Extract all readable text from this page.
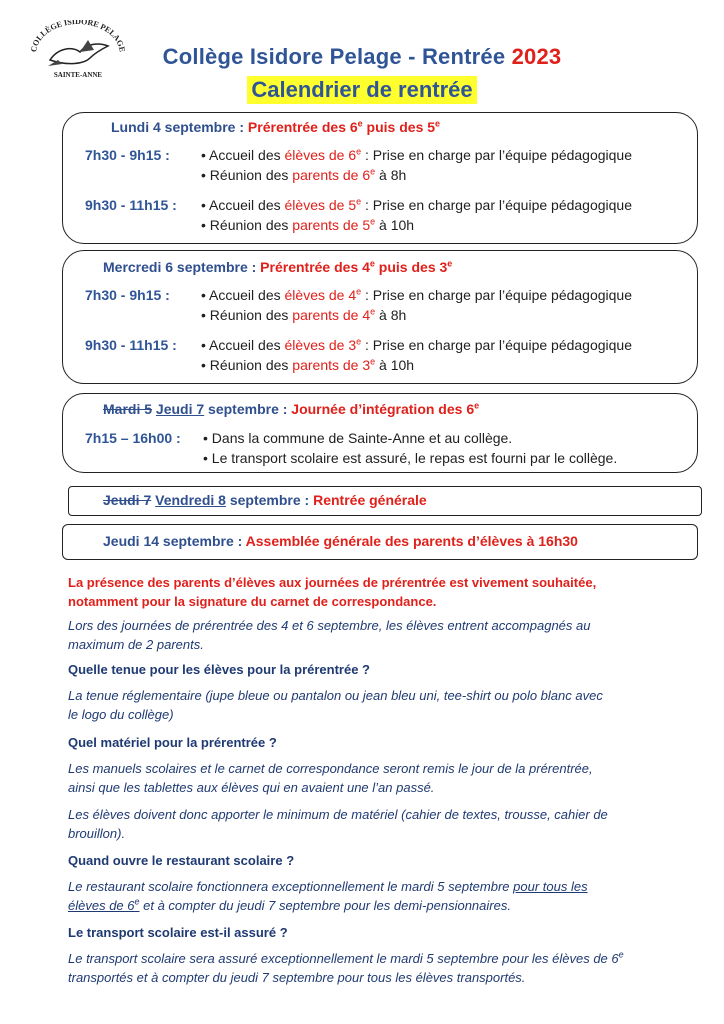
COLLÈGE ISIDORE PELAGE
SAINTE-ANNE
Collège Isidore Pelage - Rentrée 2023
Calendrier de rentrée
Lundi 4 septembre : Prérentrée des 6e puis des 5e
7h30 - 9h15 : • Accueil des élèves de 6e : Prise en charge par l’équipe pédagogique
• Réunion des parents de 6e à 8h
9h30 - 11h15 : • Accueil des élèves de 5e : Prise en charge par l’équipe pédagogique
• Réunion des parents de 5e à 10h
Mercredi 6 septembre : Prérentrée des 4e puis des 3e
7h30 - 9h15 : • Accueil des élèves de 4e : Prise en charge par l’équipe pédagogique
• Réunion des parents de 4e à 8h
9h30 - 11h15 : • Accueil des élèves de 3e : Prise en charge par l’équipe pédagogique
• Réunion des parents de 3e à 10h
Mardi 5 Jeudi 7 septembre : Journée d’intégration des 6e
7h15 – 16h00 : • Dans la commune de Sainte-Anne et au collège.
• Le transport scolaire est assuré, le repas est fourni par le collège.
Jeudi 7 Vendredi 8 septembre : Rentrée générale
Jeudi 14 septembre : Assemblée générale des parents d’élèves à 16h30
La présence des parents d’élèves aux journées de prérentrée est vivement souhaitée,
notamment pour la signature du carnet de correspondance.
Lors des journées de prérentrée des 4 et 6 septembre, les élèves entrent accompagnés au
maximum de 2 parents.
Quelle tenue pour les élèves pour la prérentrée ?
La tenue réglementaire (jupe bleue ou pantalon ou jean bleu uni, tee-shirt ou polo blanc avec
le logo du collège)
Quel matériel pour la prérentrée ?
Les manuels scolaires et le carnet de correspondance seront remis le jour de la prérentrée,
ainsi que les tablettes aux élèves qui en avaient une l’an passé.
Les élèves doivent donc apporter le minimum de matériel (cahier de textes, trousse, cahier de
brouillon).
Quand ouvre le restaurant scolaire ?
Le restaurant scolaire fonctionnera exceptionnellement le mardi 5 septembre pour tous les
élèves de 6e et à compter du jeudi 7 septembre pour les demi-pensionnaires.
Le transport scolaire est-il assuré ?
Le transport scolaire sera assuré exceptionnellement le mardi 5 septembre pour les élèves de 6e
transportés et à compter du jeudi 7 septembre pour tous les élèves transportés.
